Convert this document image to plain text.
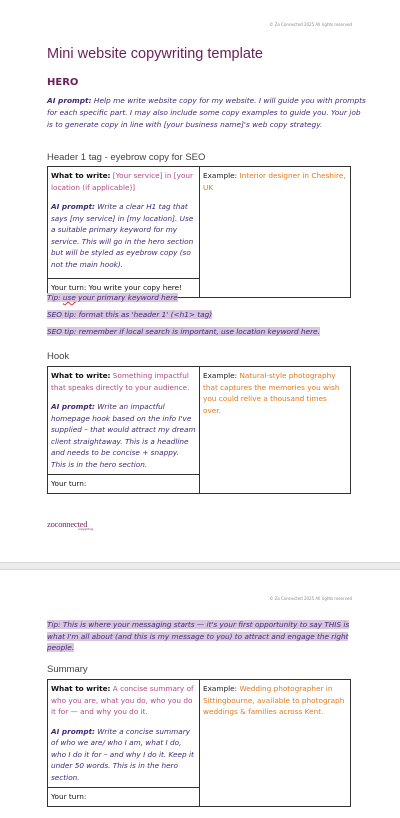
© Zo Connected 2025 All rights reserved
Mini website copywriting template
HERO
AI prompt: Help me write website copy for my website. I will guide you with prompts for each specific part. I may also include some copy examples to guide you. Your job is to generate copy in line with [your business name]'s web copy strategy.
Header 1 tag - eyebrow copy for SEO
What to write: [Your service] in [your location (if applicable)]
AI prompt: Write a clear H1 tag that says [my service] in [my location]. Use a suitable primary keyword for my service. This will go in the hero section but will be styled as eyebrow copy (so not the main hook).
	Example: Interior designer in Cheshire, UK
Your turn: You write your copy here!
Tip: use your primary keyword here
SEO tip: format this as 'header 1' (<h1> tag)
SEO tip: remember if local search is important, use location keyword here.
Hook
What to write: Something impactful that speaks directly to your audience.
AI prompt: Write an impactful homepage hook based on the info I've supplied – that would attract my dream client straightaway. This is a headline and needs to be concise + snappy. This is in the hero section.
	Example: Natural-style photography that captures the memories you wish you could relive a thousand times over.
Your turn:
zoconnected
copywriting
© Zo Connected 2025 All rights reserved
Tip: This is where your messaging starts — it's your first opportunity to say THIS is what I'm all about (and this is my message to you) to attract and engage the right people.
Summary
What to write: A concise summary of who you are, what you do, who you do it for — and why you do it.
AI prompt: Write a concise summary of who we are/ who I am, what I do, who I do it for – and why I do it. Keep it under 50 words. This is in the hero section.
	Example: Wedding photographer in Sittingbourne, available to photograph weddings & families across Kent.
Your turn:
